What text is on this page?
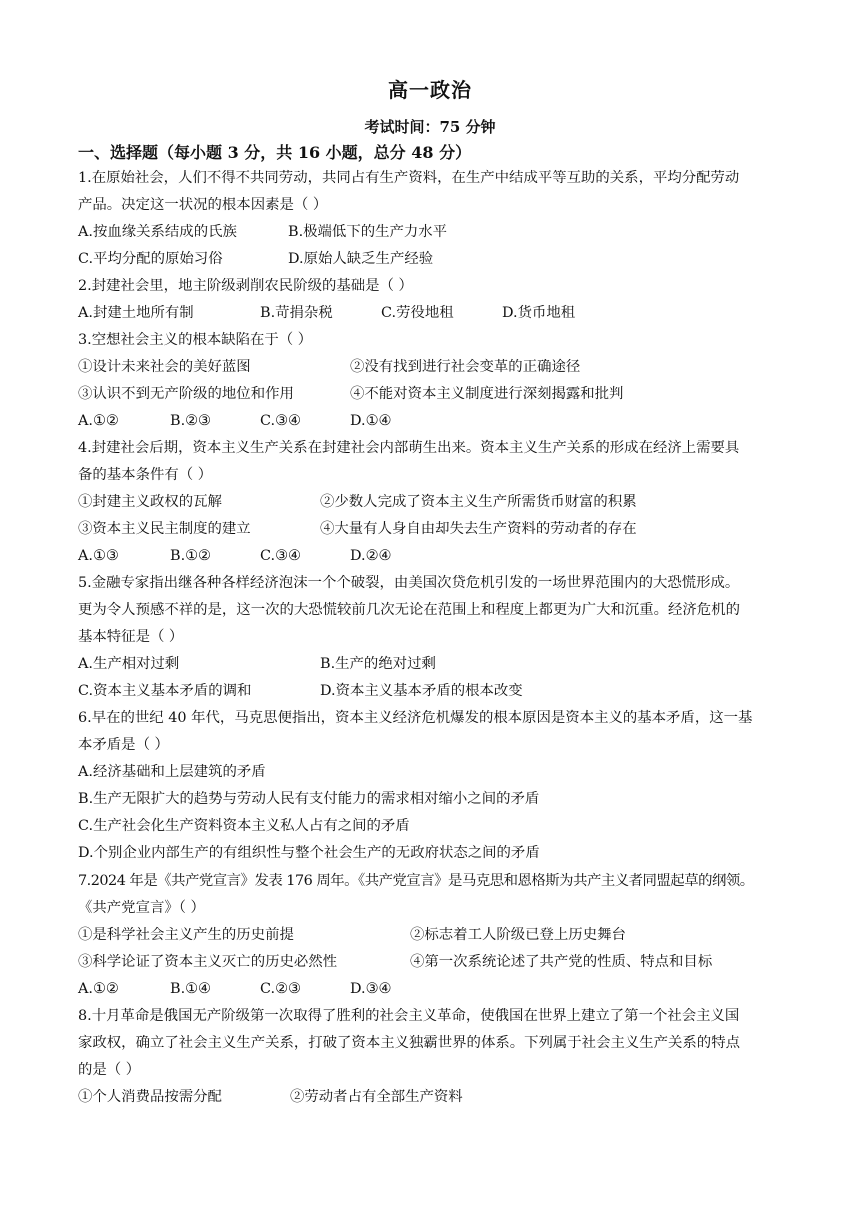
高一政治
考试时间：75 分钟
一、选择题（每小题 3 分，共 16 小题，总分 48 分）
1.在原始社会，人们不得不共同劳动，共同占有生产资料，在生产中结成平等互助的关系，平均分配劳动
产品。决定这一状况的根本因素是（ ）
A.按血缘关系结成的氏族	B.极端低下的生产力水平
C.平均分配的原始习俗	D.原始人缺乏生产经验
2.封建社会里，地主阶级剥削农民阶级的基础是（ ）
A.封建土地所有制	B.苛捐杂税	C.劳役地租	D.货币地租
3.空想社会主义的根本缺陷在于（ ）
①设计未来社会的美好蓝图	②没有找到进行社会变革的正确途径
③认识不到无产阶级的地位和作用	④不能对资本主义制度进行深刻揭露和批判
A.①②	B.②③	C.③④	D.①④
4.封建社会后期，资本主义生产关系在封建社会内部萌生出来。资本主义生产关系的形成在经济上需要具
备的基本条件有（ ）
①封建主义政权的瓦解	②少数人完成了资本主义生产所需货币财富的积累
③资本主义民主制度的建立	④大量有人身自由却失去生产资料的劳动者的存在
A.①③	B.①②	C.③④	D.②④
5.金融专家指出继各种各样经济泡沫一个个破裂，由美国次贷危机引发的一场世界范围内的大恐慌形成。
更为令人预感不祥的是，这一次的大恐慌较前几次无论在范围上和程度上都更为广大和沉重。经济危机的
基本特征是（ ）
A.生产相对过剩	B.生产的绝对过剩
C.资本主义基本矛盾的调和	D.资本主义基本矛盾的根本改变
6.早在的世纪 40 年代，马克思便指出，资本主义经济危机爆发的根本原因是资本主义的基本矛盾，这一基
本矛盾是（ ）
A.经济基础和上层建筑的矛盾
B.生产无限扩大的趋势与劳动人民有支付能力的需求相对缩小之间的矛盾
C.生产社会化生产资料资本主义私人占有之间的矛盾
D.个别企业内部生产的有组织性与整个社会生产的无政府状态之间的矛盾
7.2024 年是《共产党宣言》发表 176 周年。《共产党宣言》是马克思和恩格斯为共产主义者同盟起草的纲领。
《共产党宣言》（ ）
①是科学社会主义产生的历史前提	②标志着工人阶级已登上历史舞台
③科学论证了资本主义灭亡的历史必然性	④第一次系统论述了共产党的性质、特点和目标
A.①②	B.①④	C.②③	D.③④
8.十月革命是俄国无产阶级第一次取得了胜利的社会主义革命，使俄国在世界上建立了第一个社会主义国
家政权，确立了社会主义生产关系，打破了资本主义独霸世界的体系。下列属于社会主义生产关系的特点
的是（ ）
①个人消费品按需分配	②劳动者占有全部生产资料
